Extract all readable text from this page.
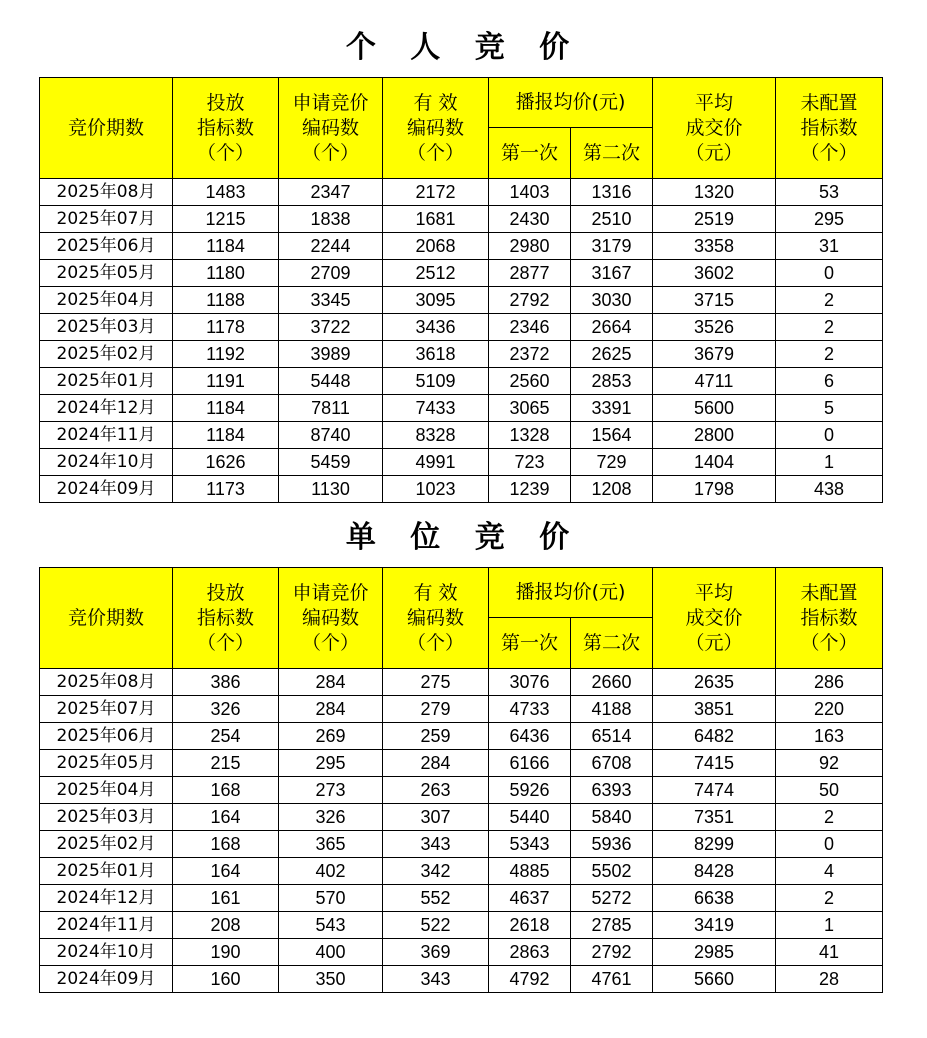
个 人 竞 价
竞价期数	投放
指标数
（个）	申请竞价
编码数
（个）	有 效
编码数
（个）	播报均价(元)		平均
成交价
（元）	未配置
指标数
（个）

				第一次	第二次		
2025年08月	1483	2347	2172	1403	1316	1320	53
2025年07月	1215	1838	1681	2430	2510	2519	295
2025年06月	1184	2244	2068	2980	3179	3358	31
2025年05月	1180	2709	2512	2877	3167	3602	0
2025年04月	1188	3345	3095	2792	3030	3715	2
2025年03月	1178	3722	3436	2346	2664	3526	2
2025年02月	1192	3989	3618	2372	2625	3679	2
2025年01月	1191	5448	5109	2560	2853	4711	6
2024年12月	1184	7811	7433	3065	3391	5600	5
2024年11月	1184	8740	8328	1328	1564	2800	0
2024年10月	1626	5459	4991	723	729	1404	1
2024年09月	1173	1130	1023	1239	1208	1798	438
单 位 竞 价
竞价期数	投放
指标数
（个）	申请竞价
编码数
（个）	有 效
编码数
（个）	播报均价(元)		平均
成交价
（元）	未配置
指标数
（个）

				第一次	第二次		
2025年08月	386	284	275	3076	2660	2635	286
2025年07月	326	284	279	4733	4188	3851	220
2025年06月	254	269	259	6436	6514	6482	163
2025年05月	215	295	284	6166	6708	7415	92
2025年04月	168	273	263	5926	6393	7474	50
2025年03月	164	326	307	5440	5840	7351	2
2025年02月	168	365	343	5343	5936	8299	0
2025年01月	164	402	342	4885	5502	8428	4
2024年12月	161	570	552	4637	5272	6638	2
2024年11月	208	543	522	2618	2785	3419	1
2024年10月	190	400	369	2863	2792	2985	41
2024年09月	160	350	343	4792	4761	5660	28
